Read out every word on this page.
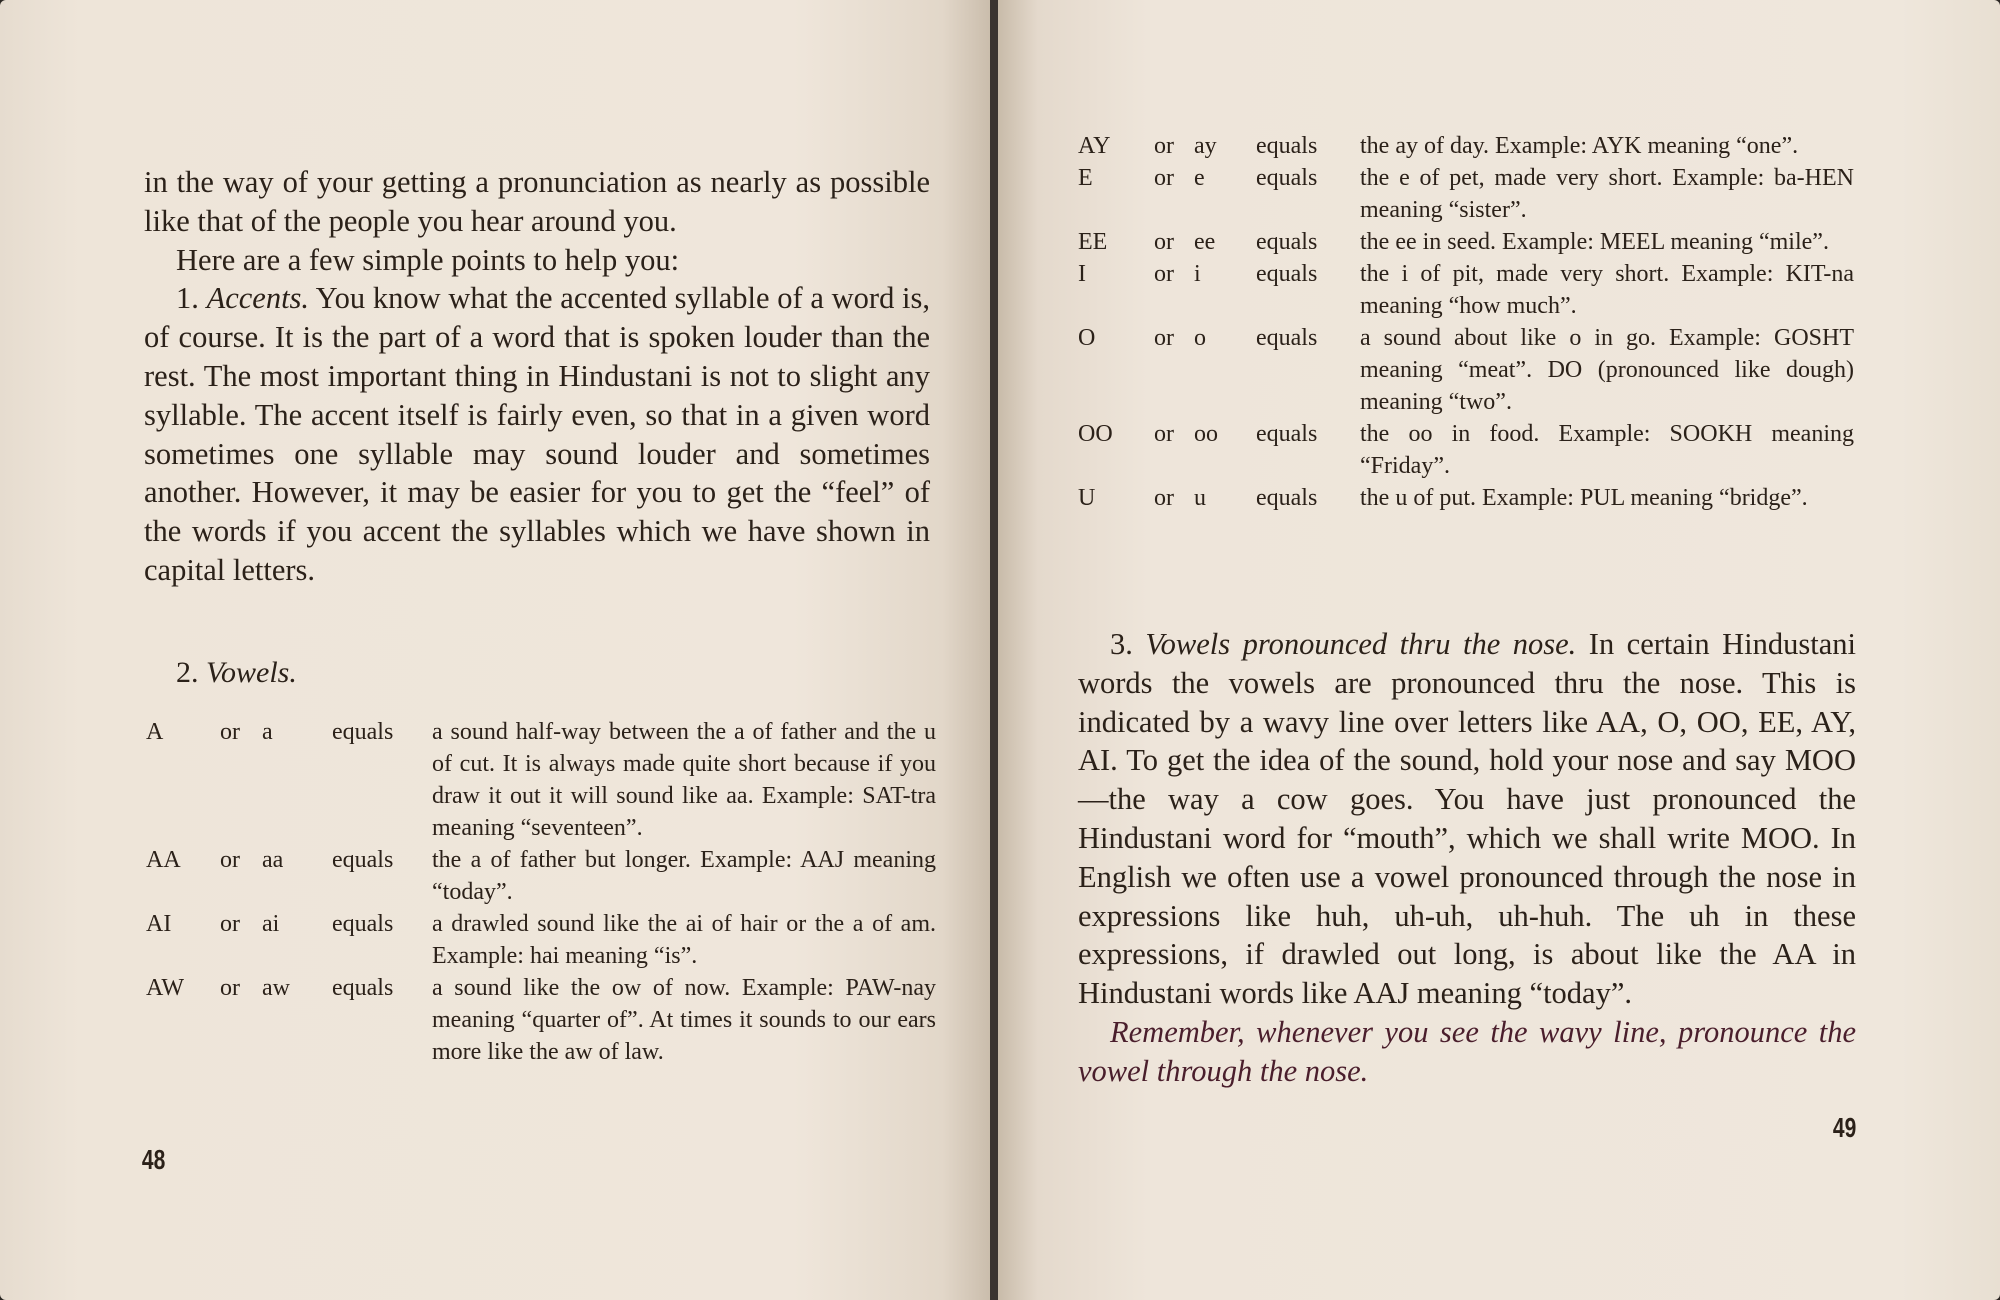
in the way of your getting a pronunciation as nearly as possible like that of the people you hear around you.

Here are a few simple points to help you:

1. Accents. You know what the accented syllable of a word is, of course. It is the part of a word that is spoken louder than the rest. The most important thing in Hindustani is not to slight any syllable. The accent itself is fairly even, so that in a given word sometimes one syllable may sound louder and sometimes another. However, it may be easier for you to get the “feel” of the words if you accent the syllables which we have shown in capital letters.

2. Vowels.
A	or	a	equals	a sound half-way between the a of father and the u of cut. It is always made quite short because if you draw it out it will sound like aa. Example: SAT-tra meaning “seventeen”.

AA	or	aa	equals	the a of father but longer. Example: AAJ meaning “today”.

AI	or	ai	equals	a drawled sound like the ai of hair or the a of am. Example: hai meaning “is”.

AW	or	aw	equals	a sound like the ow of now. Example: PAW-nay meaning “quarter of”. At times it sounds to our ears more like the aw of law.

48
AY	or	ay	equals	the ay of day. Example: AYK meaning “one”.

E	or	e	equals	the e of pet, made very short. Example: ba-HEN meaning “sister”.

EE	or	ee	equals	the ee in seed. Example: MEEL meaning “mile”.

I	or	i	equals	the i of pit, made very short. Example: KIT-na meaning “how much”.

O	or	o	equals	a sound about like o in go. Example: GOSHT meaning “meat”. DO (pronounced like dough) meaning “two”.

OO	or	oo	equals	the oo in food. Example: SOOKH meaning “Friday”.

U	or	u	equals	the u of put. Example: PUL meaning “bridge”.

3. Vowels pronounced thru the nose. In certain Hindustani words the vowels are pronounced thru the nose. This is indicated by a wavy line over letters like AA, O, OO, EE, AY, AI. To get the idea of the sound, hold your nose and say MOO—the way a cow goes. You have just pronounced the Hindustani word for “mouth”, which we shall write MOO. In English we often use a vowel pronounced through the nose in expressions like huh, uh-uh, uh-huh. The uh in these expressions, if drawled out long, is about like the AA in Hindustani words like AAJ meaning “today”.

Remember, whenever you see the wavy line, pronounce the vowel through the nose.

49
